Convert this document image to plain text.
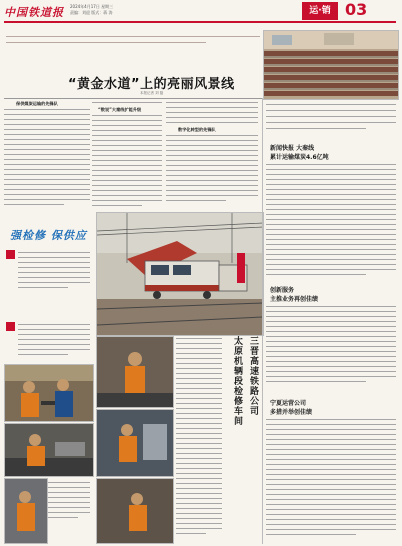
中国铁道报 2024年4月17日 星期三
责编：刘迎 版式：蒋 涛	运·销 03
“黄金水道”上的亮丽风景线
本报记者 刘 磊
保供煤炭运输的先锋队
“数说”大秦线扩能升级
数字化转型的先锋队
新闻快报 大秦线
累计运输煤炭4.6亿吨
创新服务
主推业务再创佳绩
宁夏运营公司
多措并举创佳绩
强检修 保供应
太原机辆段检修车间 三晋高速铁路公司
